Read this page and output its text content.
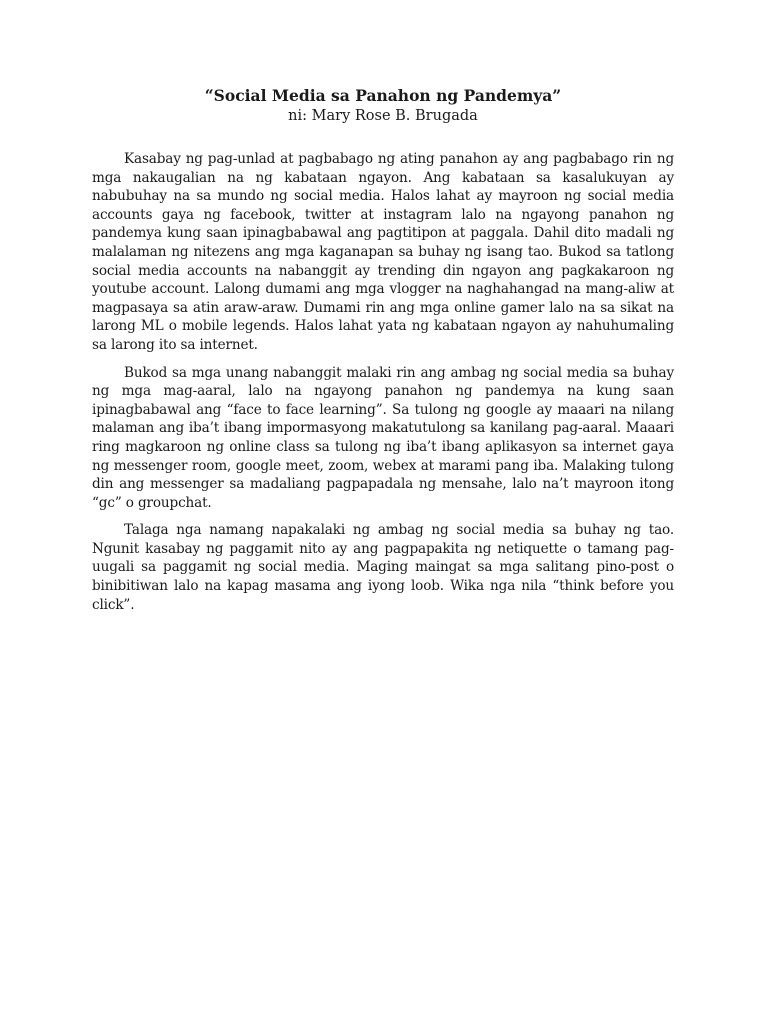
“Social Media sa Panahon ng Pandemya”

ni: Mary Rose B. Brugada

Kasabay ng pag-unlad at pagbabago ng ating panahon ay ang pagbabago rin ng mga nakaugalian na ng kabataan ngayon. Ang kabataan sa kasalukuyan ay nabubuhay na sa mundo ng social media. Halos lahat ay mayroon ng social media accounts gaya ng facebook, twitter at instagram lalo na ngayong panahon ng pandemya kung saan ipinagbabawal ang pagtitipon at paggala. Dahil dito madali ng malalaman ng nitezens ang mga kaganapan sa buhay ng isang tao. Bukod sa tatlong social media accounts na nabanggit ay trending din ngayon ang pagkakaroon ng youtube account. Lalong dumami ang mga vlogger na naghahangad na mang-aliw at magpasaya sa atin araw-araw. Dumami rin ang mga online gamer lalo na sa sikat na larong ML o mobile legends. Halos lahat yata ng kabataan ngayon ay nahuhumaling sa larong ito sa internet.

Bukod sa mga unang nabanggit malaki rin ang ambag ng social media sa buhay ng mga mag-aaral, lalo na ngayong panahon ng pandemya na kung saan ipinagbabawal ang “face to face learning”. Sa tulong ng google ay maaari na nilang malaman ang iba’t ibang impormasyong makatutulong sa kanilang pag-aaral. Maaari ring magkaroon ng online class sa tulong ng iba’t ibang aplikasyon sa internet gaya ng messenger room, google meet, zoom, webex at marami pang iba. Malaking tulong din ang messenger sa madaliang pagpapadala ng mensahe, lalo na’t mayroon itong “gc” o groupchat.

Talaga nga namang napakalaki ng ambag ng social media sa buhay ng tao. Ngunit kasabay ng paggamit nito ay ang pagpapakita ng netiquette o tamang pag-uugali sa paggamit ng social media. Maging maingat sa mga salitang pino-post o binibitiwan lalo na kapag masama ang iyong loob. Wika nga nila “think before you click”.
